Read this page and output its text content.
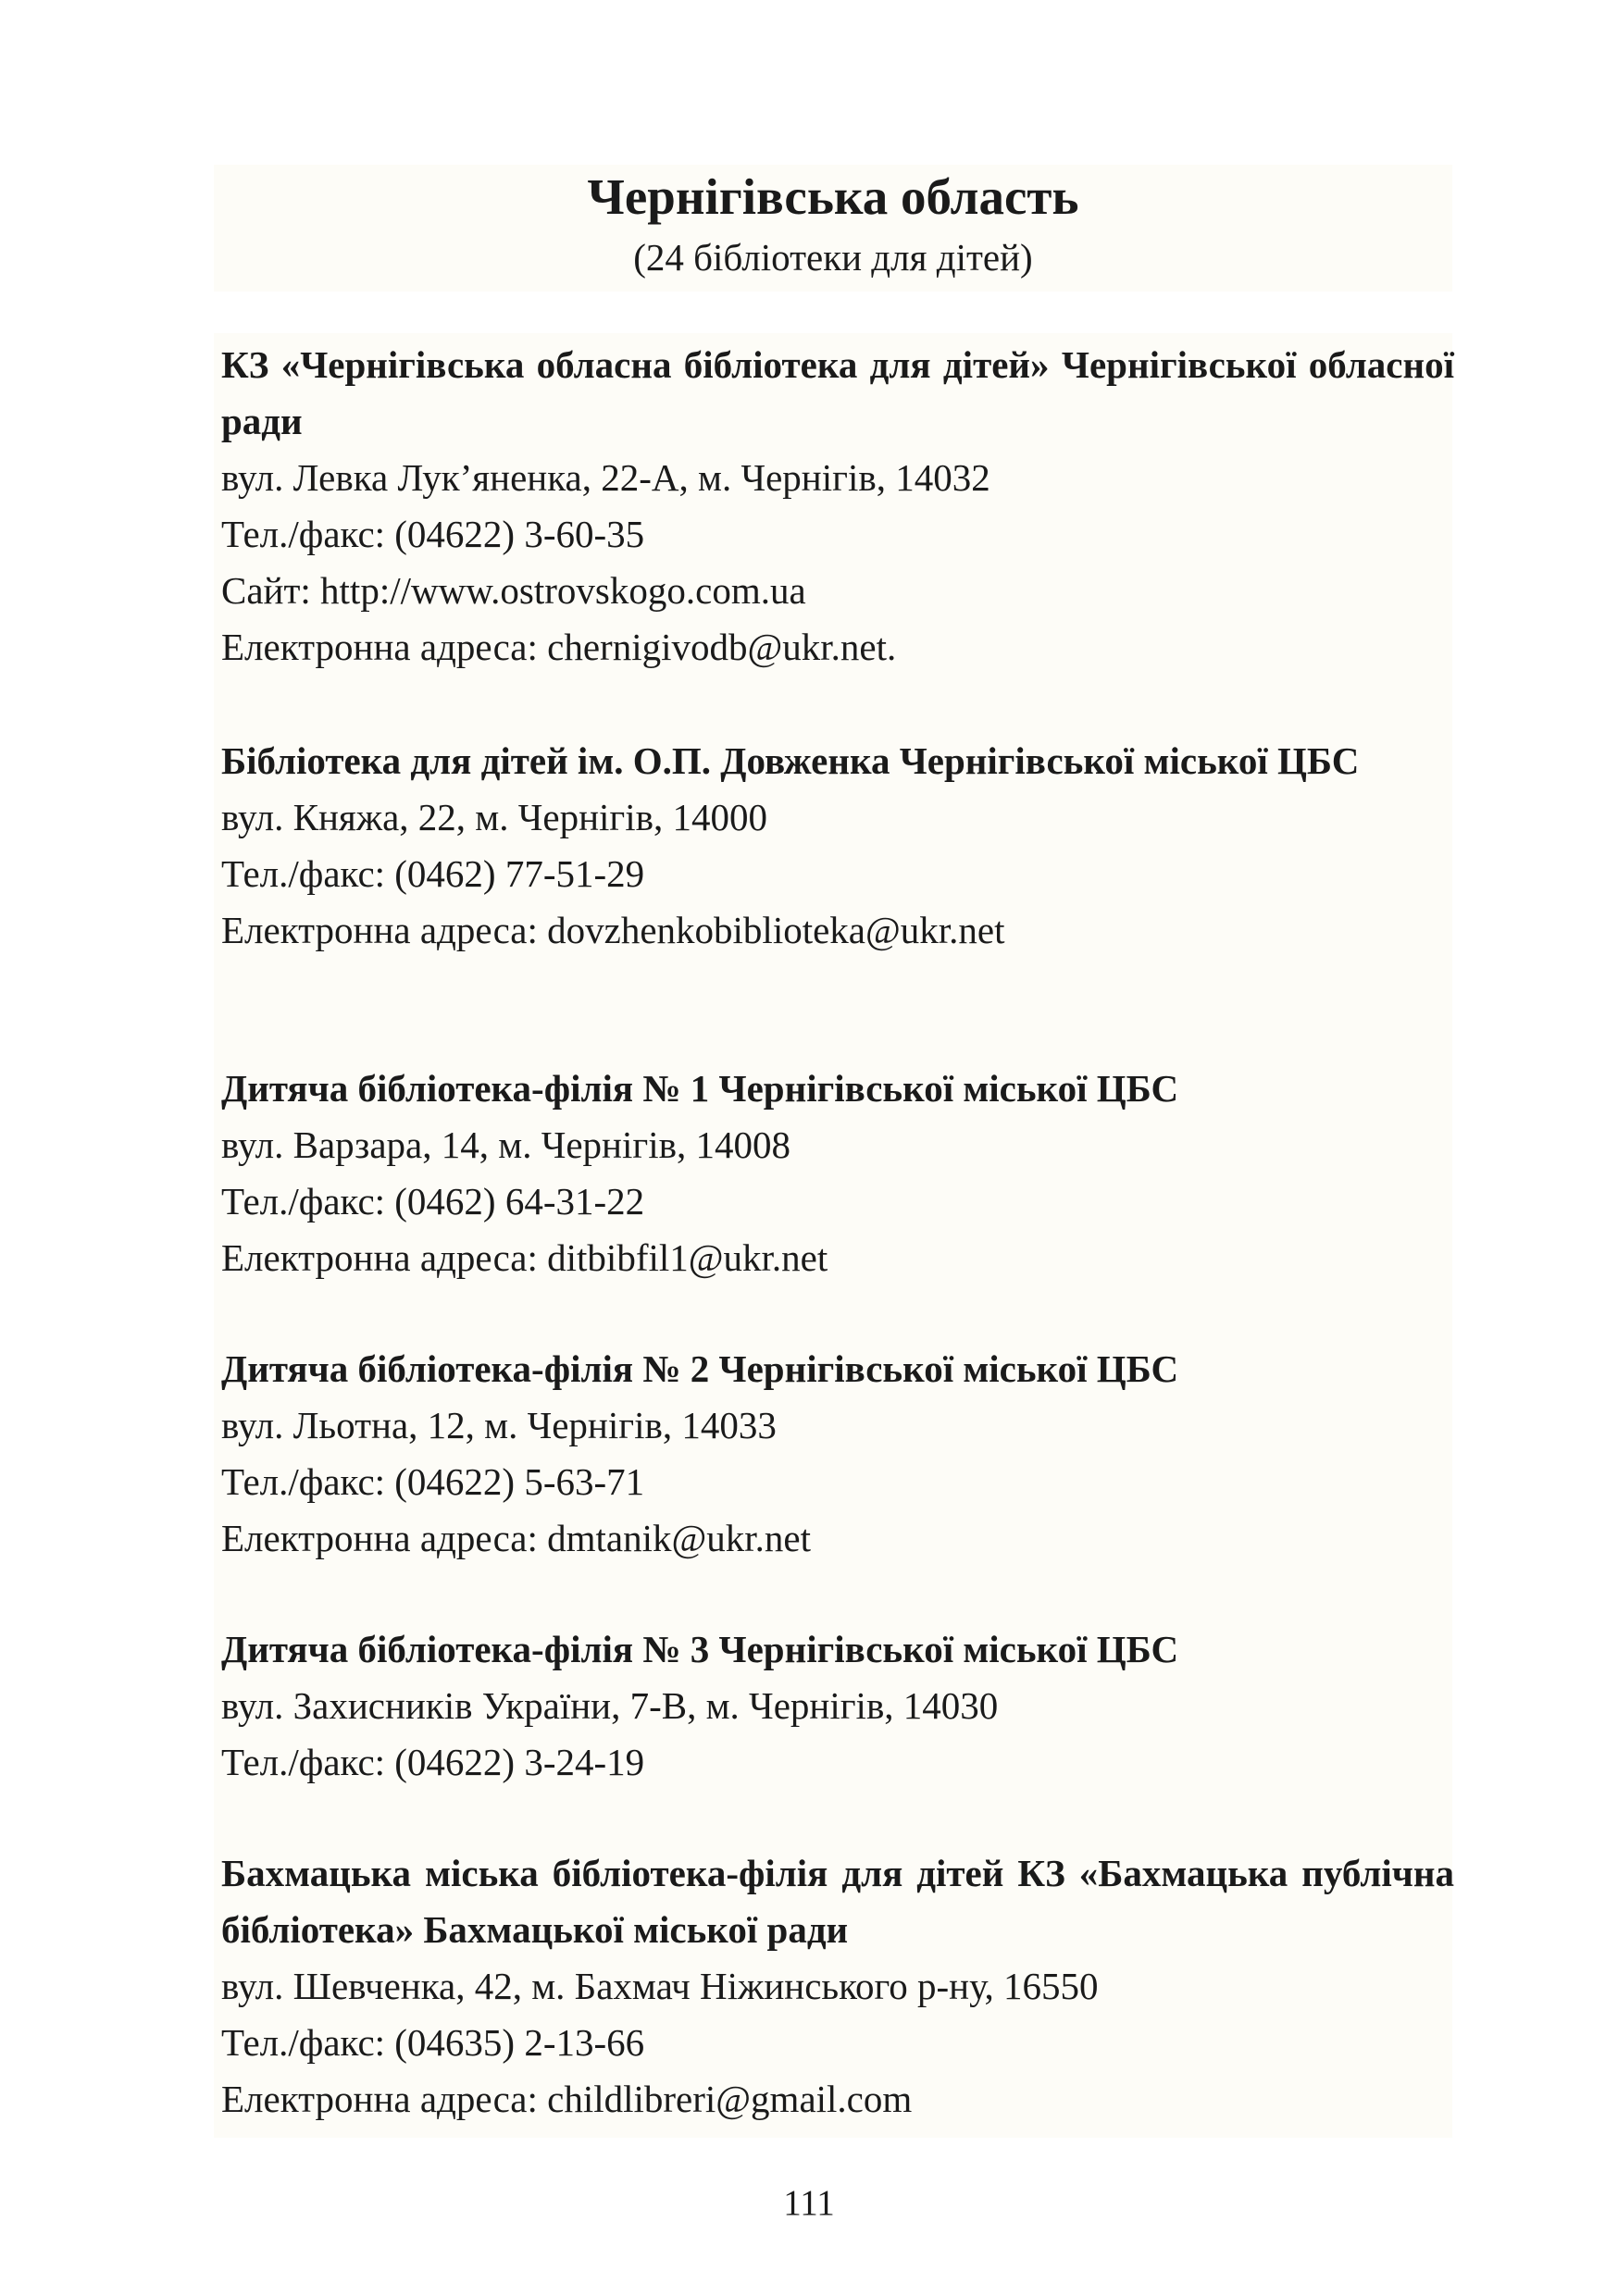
Чернігівська область
(24 бібліотеки для дітей)

КЗ «Чернігівська обласна бібліотека для дітей» Чернігівської обласної ради

вул. Левка Лук’яненка, 22-А, м. Чернігів, 14032

Тел./факс: (04622) 3-60-35

Сайт: http://www.ostrovskogo.com.ua

Електронна адреса: chernigivodb@ukr.net.

Бібліотека для дітей ім. О.П. Довженка Чернігівської міської ЦБС

вул. Княжа, 22, м. Чернігів, 14000

Тел./факс: (0462) 77-51-29

Електронна адреса: dovzhenkobiblioteka@ukr.net

Дитяча бібліотека-філія № 1 Чернігівської міської ЦБС

вул. Варзара, 14, м. Чернігів, 14008

Тел./факс: (0462) 64-31-22

Електронна адреса: ditbibfil1@ukr.net

Дитяча бібліотека-філія № 2 Чернігівської міської ЦБС

вул. Льотна, 12, м. Чернігів, 14033

Тел./факс: (04622) 5-63-71

Електронна адреса: dmtanik@ukr.net

Дитяча бібліотека-філія № 3 Чернігівської міської ЦБС

вул. Захисників України, 7-В, м. Чернігів, 14030

Тел./факс: (04622) 3-24-19

Бахмацька міська бібліотека-філія для дітей КЗ «Бахмацька публічна бібліотека» Бахмацької міської ради

вул. Шевченка, 42, м. Бахмач Ніжинського р-ну, 16550

Тел./факс: (04635) 2-13-66

Електронна адреса: childlibreri@gmail.com

111
